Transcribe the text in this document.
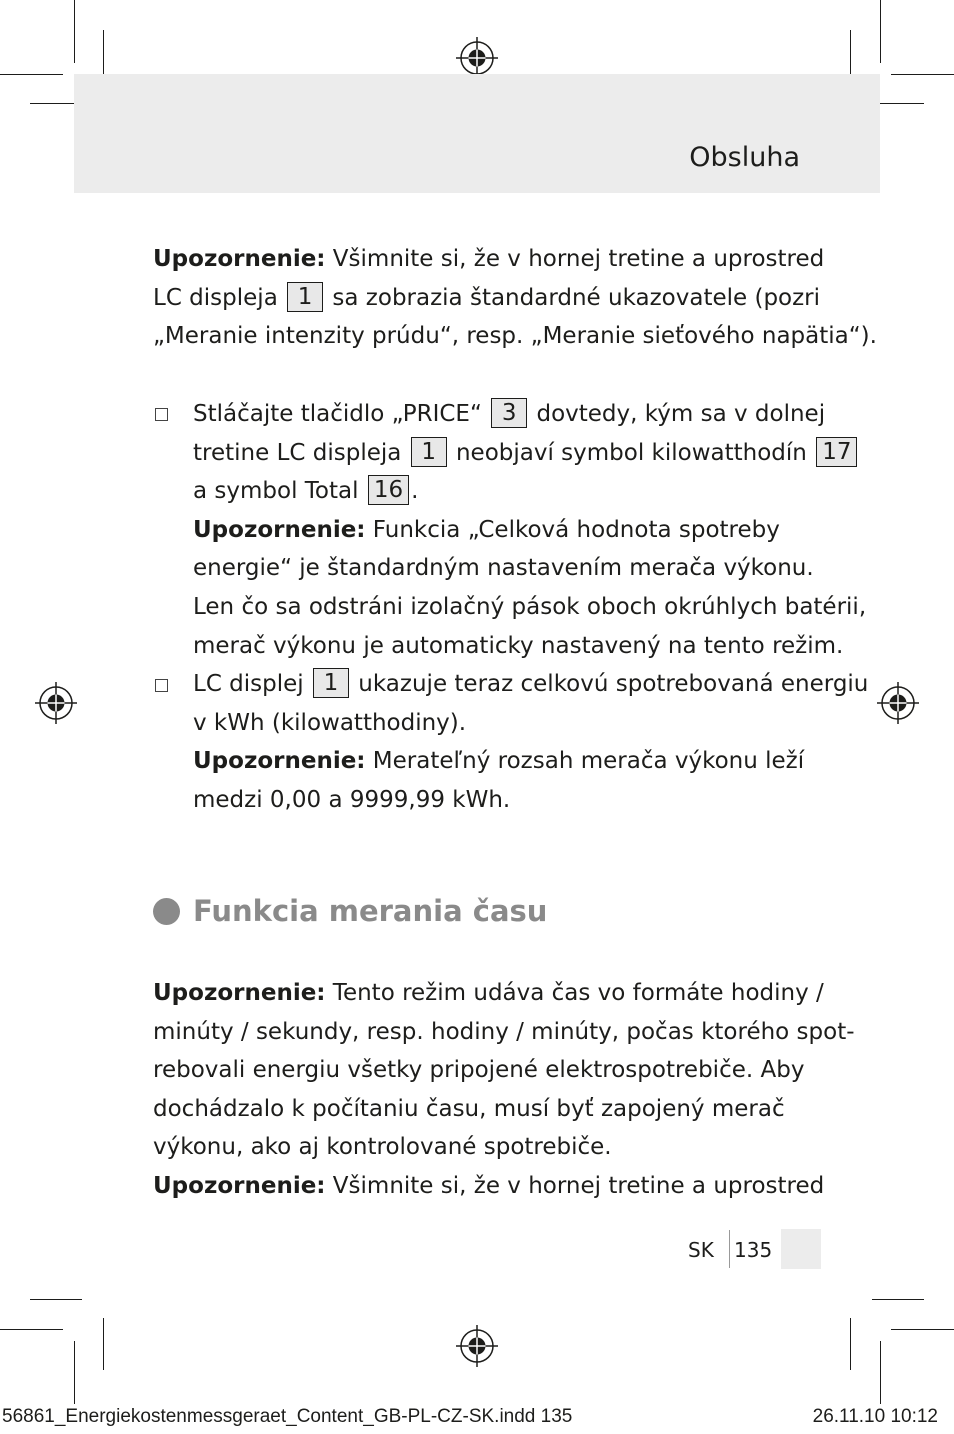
Obsluha
Upozornenie: Všimnite si, že v hornej tretine a uprostred
LC displeja 1 sa zobrazia štandardné ukazovatele (pozri
„Meranie intenzity prúdu“, resp. „Meranie sieťového napätia“).
Stláčajte tlačidlo „PRICE“ 3 dovtedy, kým sa v dolnej
tretine LC displeja 1 neobjaví symbol kilowatthodín 17
a symbol Total 16 .
Upozornenie: Funkcia „Celková hodnota spotreby
energie“ je štandardným nastavením merača výkonu.
Len čo sa odstráni izolačný pások oboch okrúhlych batérii,
merač výkonu je automaticky nastavený na tento režim.
LC displej 1 ukazuje teraz celkovú spotrebovaná energiu
v kWh (kilowatthodiny).
Upozornenie: Merateľný rozsah merača výkonu leží
medzi 0,00 a 9999,99 kWh.
Funkcia merania času
Upozornenie: Tento režim udáva čas vo formáte hodiny /
minúty / sekundy, resp. hodiny / minúty, počas ktorého spot-
rebovali energiu všetky pripojené elektrospotrebiče. Aby
dochádzalo k počítaniu času, musí byť zapojený merač
výkonu, ako aj kontrolované spotrebiče.
Upozornenie: Všimnite si, že v hornej tretine a uprostred
SK 135
56861_Energiekostenmessgeraet_Content_GB-PL-CZ-SK.indd 135	26.11.10 10:12
